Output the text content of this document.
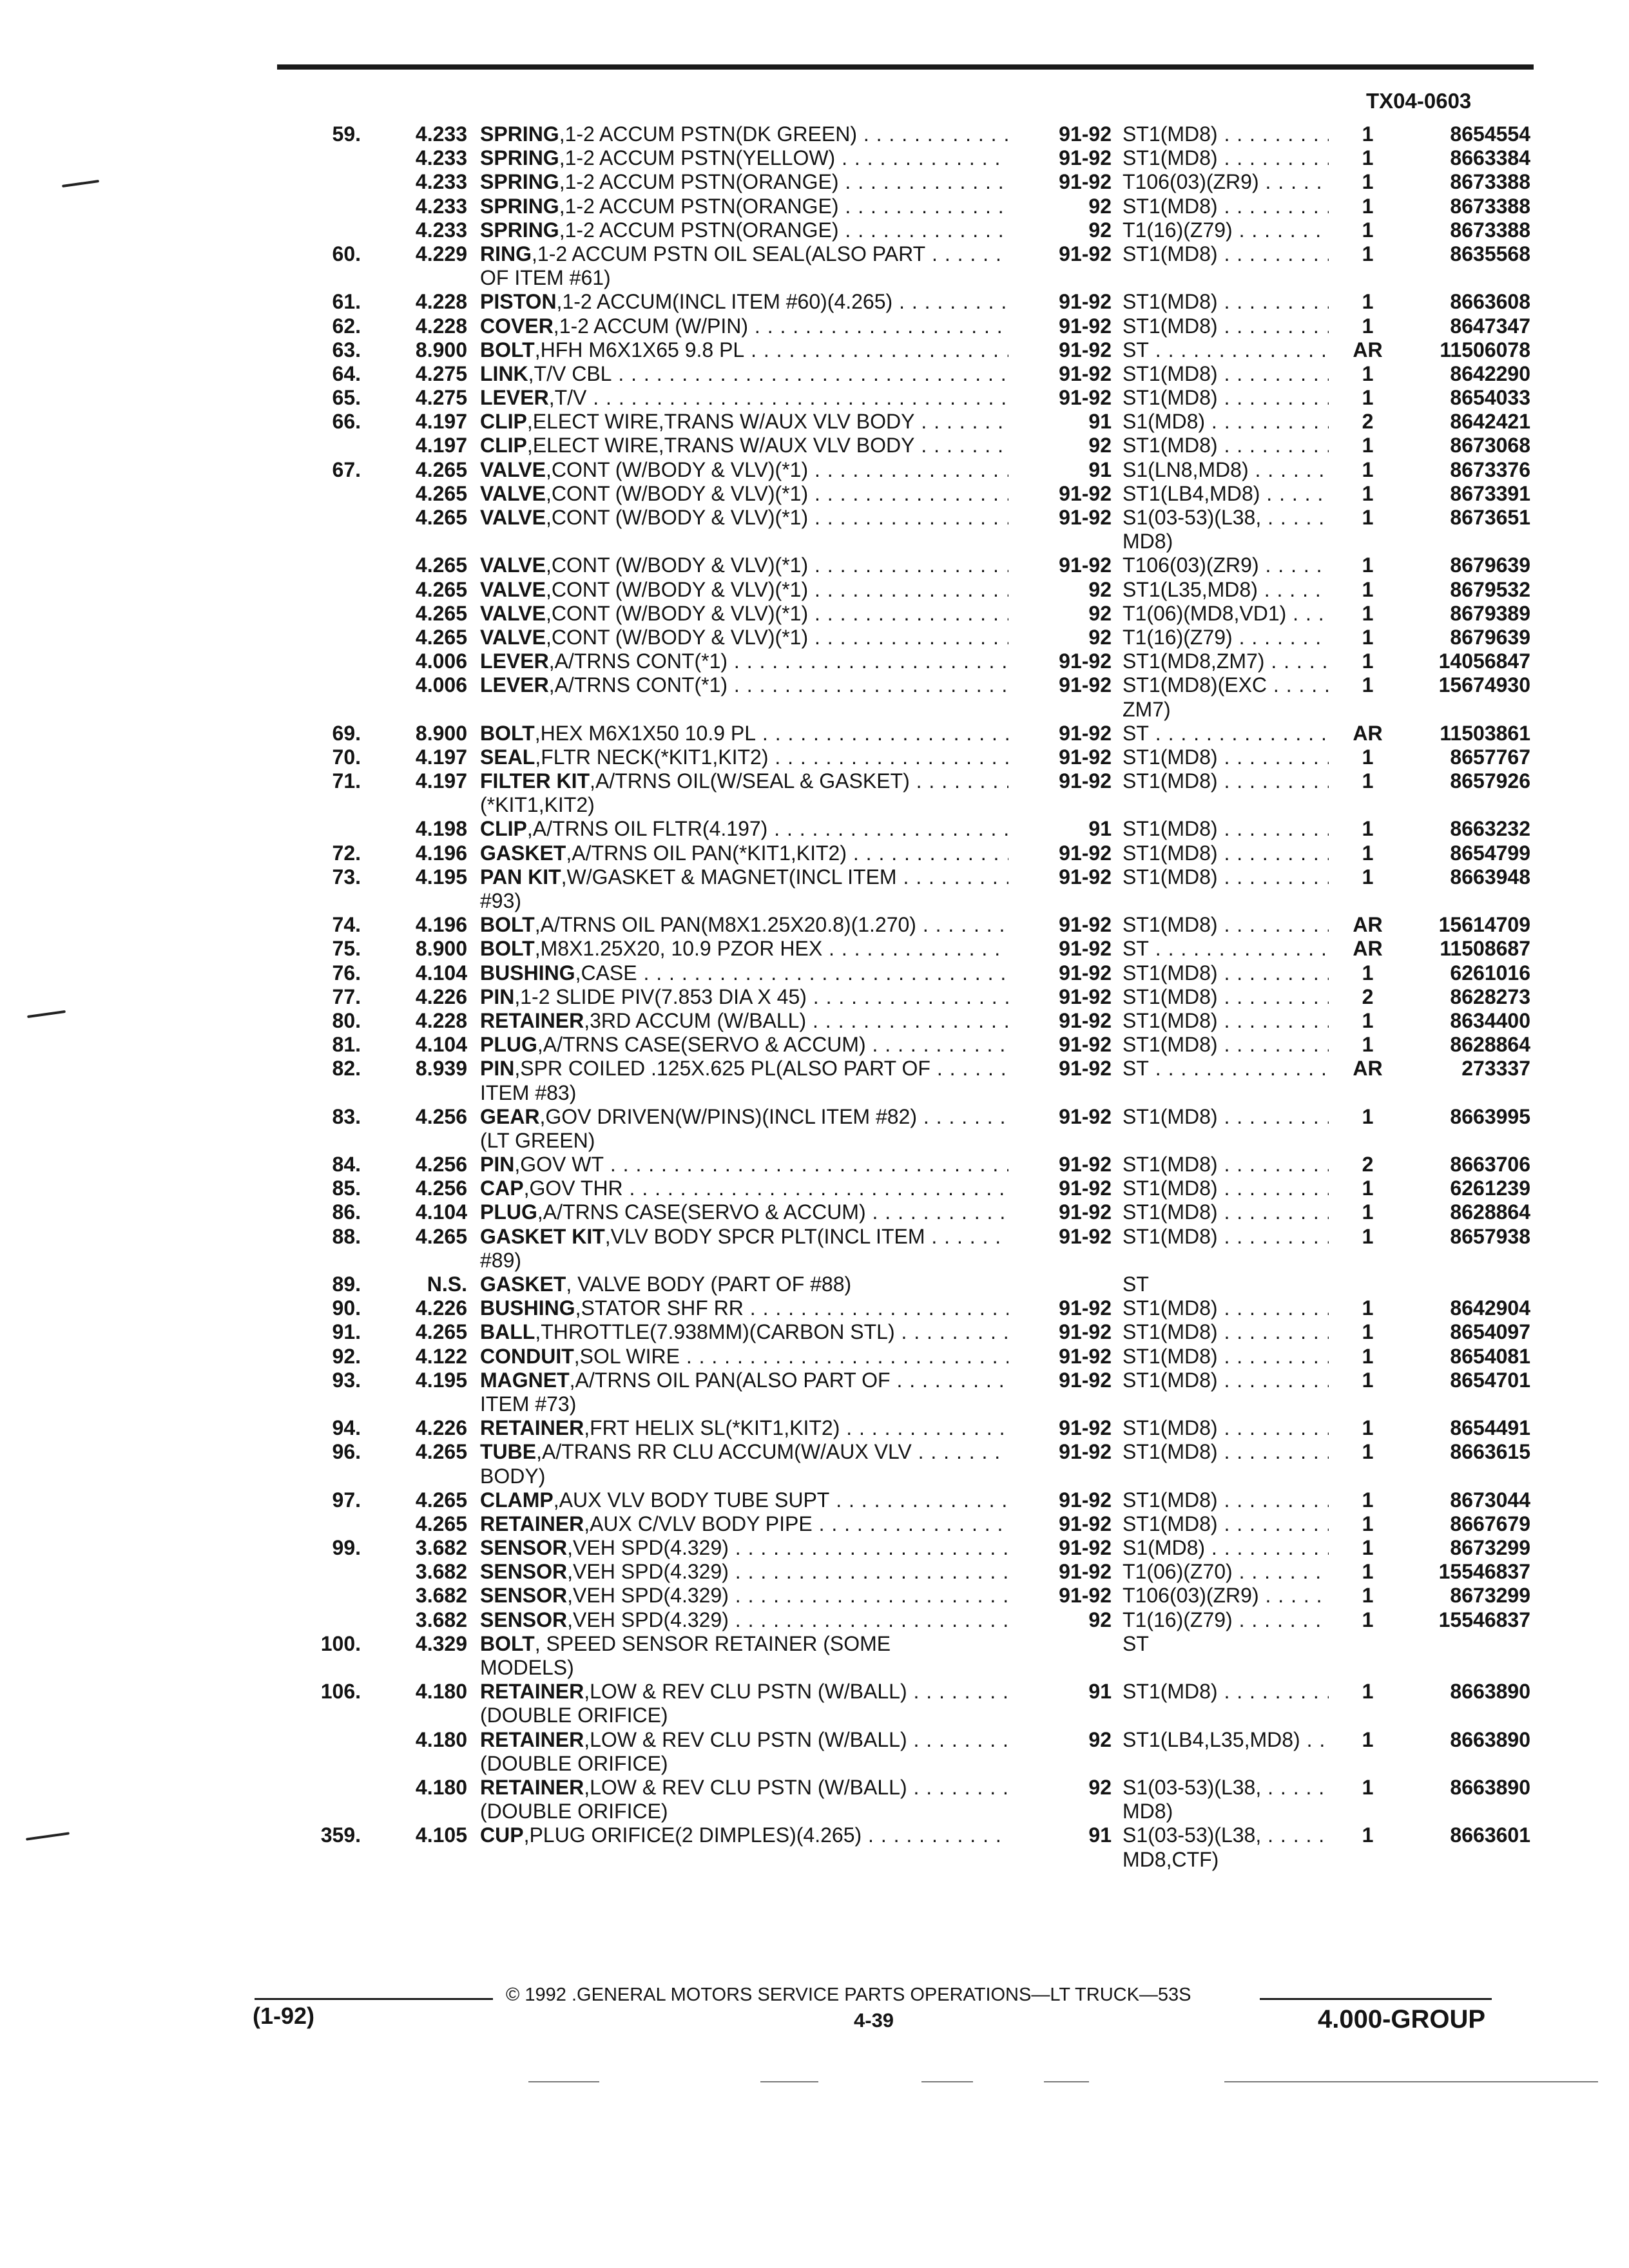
TX04-0603
59.	4.233 SPRING,1-2 ACCUM PSTN(DK GREEN) . . .	91-92 ST1(MD8) . . .	1	8654554
4.233 SPRING,1-2 ACCUM PSTN(YELLOW) . . .	91-92 ST1(MD8) . . .	1	8663384
4.233 SPRING,1-2 ACCUM PSTN(ORANGE) . . .	91-92 T106(03)(ZR9) . . .	1	8673388
4.233 SPRING,1-2 ACCUM PSTN(ORANGE) . . .	92 ST1(MD8) . . .	1	8673388
4.233 SPRING,1-2 ACCUM PSTN(ORANGE) . . .	92 T1(16)(Z79) . . .	1	8673388
60.	4.229 RING,1-2 ACCUM PSTN OIL SEAL(ALSO PART . . .	91-92 ST1(MD8) . . .	1	8635568
OF ITEM #61)
61.	4.228 PISTON,1-2 ACCUM(INCL ITEM #60)(4.265) . . .	91-92 ST1(MD8) . . .	1	8663608
62.	4.228 COVER,1-2 ACCUM (W/PIN) . . .	91-92 ST1(MD8) . . .	1	8647347
63.	8.900 BOLT,HFH M6X1X65 9.8 PL . . .	91-92 ST . . .	AR	11506078
64.	4.275 LINK,T/V CBL . . .	91-92 ST1(MD8) . . .	1	8642290
65.	4.275 LEVER,T/V . . .	91-92 ST1(MD8) . . .	1	8654033
66.	4.197 CLIP,ELECT WIRE,TRANS W/AUX VLV BODY . . .	91 S1(MD8) . . .	2	8642421
4.197 CLIP,ELECT WIRE,TRANS W/AUX VLV BODY . . .	92 ST1(MD8) . . .	1	8673068
67.	4.265 VALVE,CONT (W/BODY & VLV)(*1) . . .	91 S1(LN8,MD8) . . .	1	8673376
4.265 VALVE,CONT (W/BODY & VLV)(*1) . . .	91-92 ST1(LB4,MD8) . . .	1	8673391
4.265 VALVE,CONT (W/BODY & VLV)(*1) . . .	91-92 S1(03-53)(L38, . . .	1	8673651
MD8)
4.265 VALVE,CONT (W/BODY & VLV)(*1) . . .	91-92 T106(03)(ZR9) . . .	1	8679639
4.265 VALVE,CONT (W/BODY & VLV)(*1) . . .	92 ST1(L35,MD8) . . .	1	8679532
4.265 VALVE,CONT (W/BODY & VLV)(*1) . . .	92 T1(06)(MD8,VD1) . . .	1	8679389
4.265 VALVE,CONT (W/BODY & VLV)(*1) . . .	92 T1(16)(Z79) . . .	1	8679639
4.006 LEVER,A/TRNS CONT(*1) . . .	91-92 ST1(MD8,ZM7) . . .	1	14056847
4.006 LEVER,A/TRNS CONT(*1) . . .	91-92 ST1(MD8)(EXC . . .	1	15674930
ZM7)
69.	8.900 BOLT,HEX M6X1X50 10.9 PL . . .	91-92 ST . . .	AR	11503861
70.	4.197 SEAL,FLTR NECK(*KIT1,KIT2) . . .	91-92 ST1(MD8) . . .	1	8657767
71.	4.197 FILTER KIT,A/TRNS OIL(W/SEAL & GASKET) . . .	91-92 ST1(MD8) . . .	1	8657926
(*KIT1,KIT2)
4.198 CLIP,A/TRNS OIL FLTR(4.197) . . .	91 ST1(MD8) . . .	1	8663232
72.	4.196 GASKET,A/TRNS OIL PAN(*KIT1,KIT2) . . .	91-92 ST1(MD8) . . .	1	8654799
73.	4.195 PAN KIT,W/GASKET & MAGNET(INCL ITEM . . .	91-92 ST1(MD8) . . .	1	8663948
#93)
74.	4.196 BOLT,A/TRNS OIL PAN(M8X1.25X20.8)(1.270) . . .	91-92 ST1(MD8) . . .	AR	15614709
75.	8.900 BOLT,M8X1.25X20, 10.9 PZOR HEX . . .	91-92 ST . . .	AR	11508687
76.	4.104 BUSHING,CASE . . .	91-92 ST1(MD8) . . .	1	6261016
77.	4.226 PIN,1-2 SLIDE PIV(7.853 DIA X 45) . . .	91-92 ST1(MD8) . . .	2	8628273
80.	4.228 RETAINER,3RD ACCUM (W/BALL) . . .	91-92 ST1(MD8) . . .	1	8634400
81.	4.104 PLUG,A/TRNS CASE(SERVO & ACCUM) . . .	91-92 ST1(MD8) . . .	1	8628864
82.	8.939 PIN,SPR COILED .125X.625 PL(ALSO PART OF . . .	91-92 ST . . .	AR	273337
ITEM #83)
83.	4.256 GEAR,GOV DRIVEN(W/PINS)(INCL ITEM #82) . . .	91-92 ST1(MD8) . . .	1	8663995
(LT GREEN)
84.	4.256 PIN,GOV WT . . .	91-92 ST1(MD8) . . .	2	8663706
85.	4.256 CAP,GOV THR . . .	91-92 ST1(MD8) . . .	1	6261239
86.	4.104 PLUG,A/TRNS CASE(SERVO & ACCUM) . . .	91-92 ST1(MD8) . . .	1	8628864
88.	4.265 GASKET KIT,VLV BODY SPCR PLT(INCL ITEM . . .	91-92 ST1(MD8) . . .	1	8657938
#89)
89.	N.S. GASKET, VALVE BODY (PART OF #88)	ST
90.	4.226 BUSHING,STATOR SHF RR . . .	91-92 ST1(MD8) . . .	1	8642904
91.	4.265 BALL,THROTTLE(7.938MM)(CARBON STL) . . .	91-92 ST1(MD8) . . .	1	8654097
92.	4.122 CONDUIT,SOL WIRE . . .	91-92 ST1(MD8) . . .	1	8654081
93.	4.195 MAGNET,A/TRNS OIL PAN(ALSO PART OF . . .	91-92 ST1(MD8) . . .	1	8654701
ITEM #73)
94.	4.226 RETAINER,FRT HELIX SL(*KIT1,KIT2) . . .	91-92 ST1(MD8) . . .	1	8654491
96.	4.265 TUBE,A/TRANS RR CLU ACCUM(W/AUX VLV . . .	91-92 ST1(MD8) . . .	1	8663615
BODY)
97.	4.265 CLAMP,AUX VLV BODY TUBE SUPT . . .	91-92 ST1(MD8) . . .	1	8673044
4.265 RETAINER,AUX C/VLV BODY PIPE . . .	91-92 ST1(MD8) . . .	1	8667679
99.	3.682 SENSOR,VEH SPD(4.329) . . .	91-92 S1(MD8) . . .	1	8673299
3.682 SENSOR,VEH SPD(4.329) . . .	91-92 T1(06)(Z70) . . .	1	15546837
3.682 SENSOR,VEH SPD(4.329) . . .	91-92 T106(03)(ZR9) . . .	1	8673299
3.682 SENSOR,VEH SPD(4.329) . . .	92 T1(16)(Z79) . . .	1	15546837
100.	4.329 BOLT, SPEED SENSOR RETAINER (SOME	ST
MODELS)
106.	4.180 RETAINER,LOW & REV CLU PSTN (W/BALL) . . .	91 ST1(MD8) . . .	1	8663890
(DOUBLE ORIFICE)
4.180 RETAINER,LOW & REV CLU PSTN (W/BALL) . . .	92 ST1(LB4,L35,MD8) . . .	1	8663890
(DOUBLE ORIFICE)
4.180 RETAINER,LOW & REV CLU PSTN (W/BALL) . . .	92 S1(03-53)(L38, . . .	1	8663890
(DOUBLE ORIFICE)	MD8)
359.	4.105 CUP,PLUG ORIFICE(2 DIMPLES)(4.265) . . .	91 S1(03-53)(L38, . . .	1	8663601
MD8,CTF)
(1-92)
© 1992 .GENERAL MOTORS SERVICE PARTS OPERATIONS—LT TRUCK—53S
4-39	4.000-GROUP
